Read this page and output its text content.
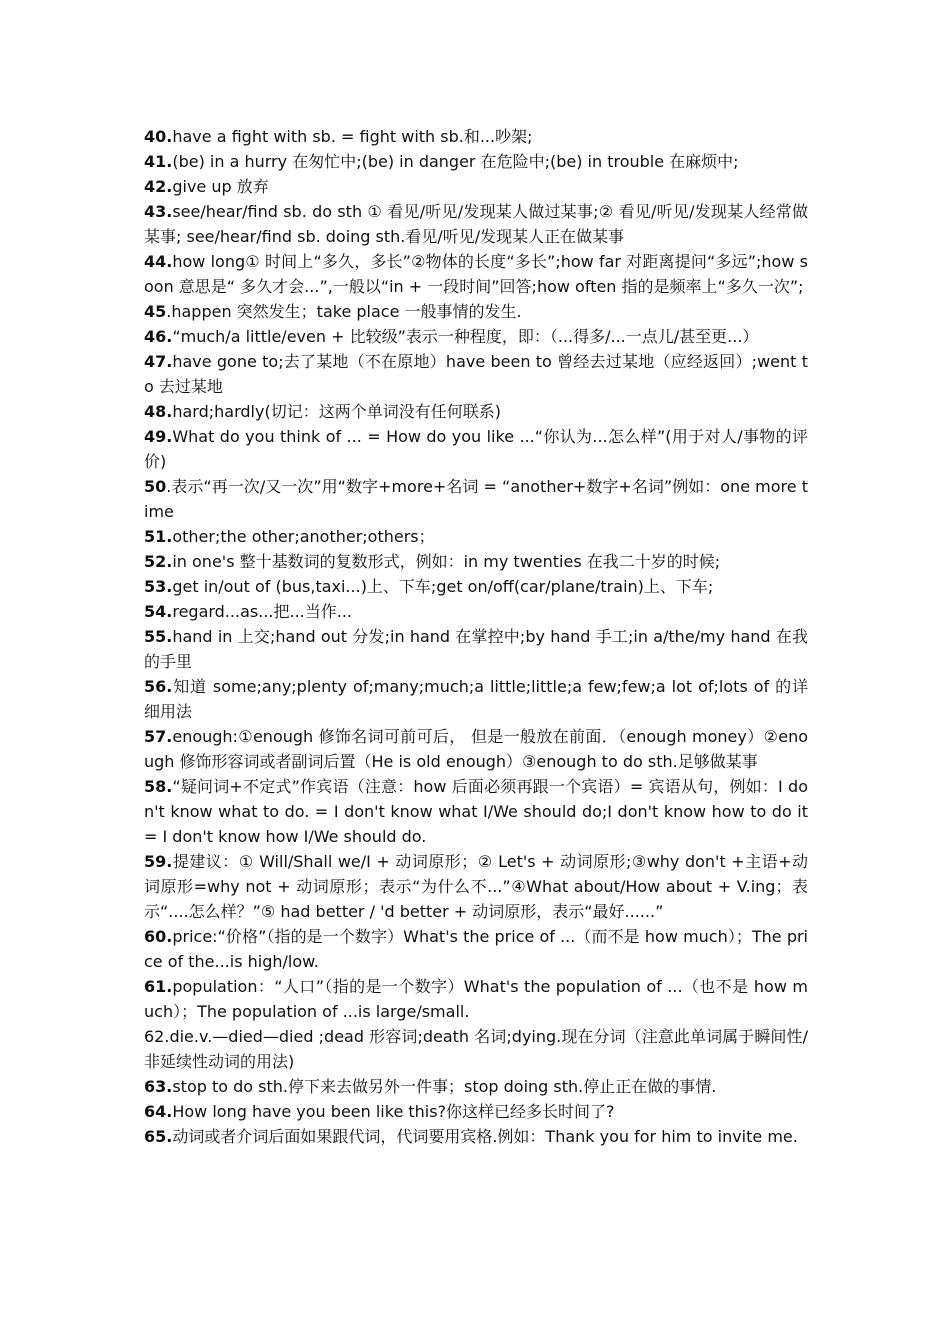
40.have a fight with sb. = fight with sb.和...吵架;

41.(be) in a hurry 在匆忙中;(be) in danger 在危险中;(be) in trouble 在麻烦中;

42.give up 放弃

43.see/hear/find sb. do sth ① 看见/听见/发现某人做过某事;② 看见/听见/发现某人经常做某事; see/hear/find sb. doing sth.看见/听见/发现某人正在做某事

44.how long① 时间上“多久，多长”②物体的长度“多长”;how far 对距离提问“多远”;how soon 意思是“ 多久才会...”,一般以“in + 一段时间”回答;how often 指的是频率上“多久一次”;

45.happen 突然发生；take place 一般事情的发生.

46.“much/a little/even + 比较级”表示一种程度，即：（...得多/...一点儿/甚至更...）

47.have gone to;去了某地（不在原地）have been to 曾经去过某地（应经返回）;went to 去过某地

48.hard;hardly(切记：这两个单词没有任何联系)

49.What do you think of ... = How do you like ...“你认为...怎么样”(用于对人/事物的评价)

50.表示“再一次/又一次”用“数字+more+名词 = “another+数字+名词”例如：one more time

51.other;the other;another;others；

52.in one's 整十基数词的复数形式，例如：in my twenties 在我二十岁的时候;

53.get in/out of (bus,taxi...)上、下车;get on/off(car/plane/train)上、下车;

54.regard...as...把...当作...

55.hand in 上交;hand out 分发;in hand 在掌控中;by hand 手工;in a/the/my hand 在我的手里

56.知道 some;any;plenty of;many;much;a little;little;a few;few;a lot of;lots of 的详细用法

57.enough:①enough 修饰名词可前可后， 但是一般放在前面．（enough money）②enough 修饰形容词或者副词后置（He is old enough）③enough to do sth.足够做某事

58.“疑问词+不定式”作宾语（注意：how 后面必须再跟一个宾语）= 宾语从句，例如：I don't know what to do. = I don't know what I/We should do;I don't know how to do it = I don't know how I/We should do.

59.提建议：① Will/Shall we/I + 动词原形；② Let's + 动词原形;③why don't +主语+动词原形=why not + 动词原形；表示“为什么不...”④What about/How about + V.ing；表示“....怎么样？”⑤ had better / 'd better + 动词原形，表示“最好......”

60.price:“价格”（指的是一个数字）What's the price of ...（而不是 how much）；The price of the...is high/low.

61.population：“人口”（指的是一个数字）What's the population of ...（也不是 how much）；The population of ...is large/small.

62.die.v.—died—died ;dead 形容词;death 名词;dying.现在分词（注意此单词属于瞬间性/非延续性动词的用法)

63.stop to do sth.停下来去做另外一件事；stop doing sth.停止正在做的事情.

64.How long have you been like this?你这样已经多长时间了?

65.动词或者介词后面如果跟代词，代词要用宾格.例如：Thank you for him to invite me.
